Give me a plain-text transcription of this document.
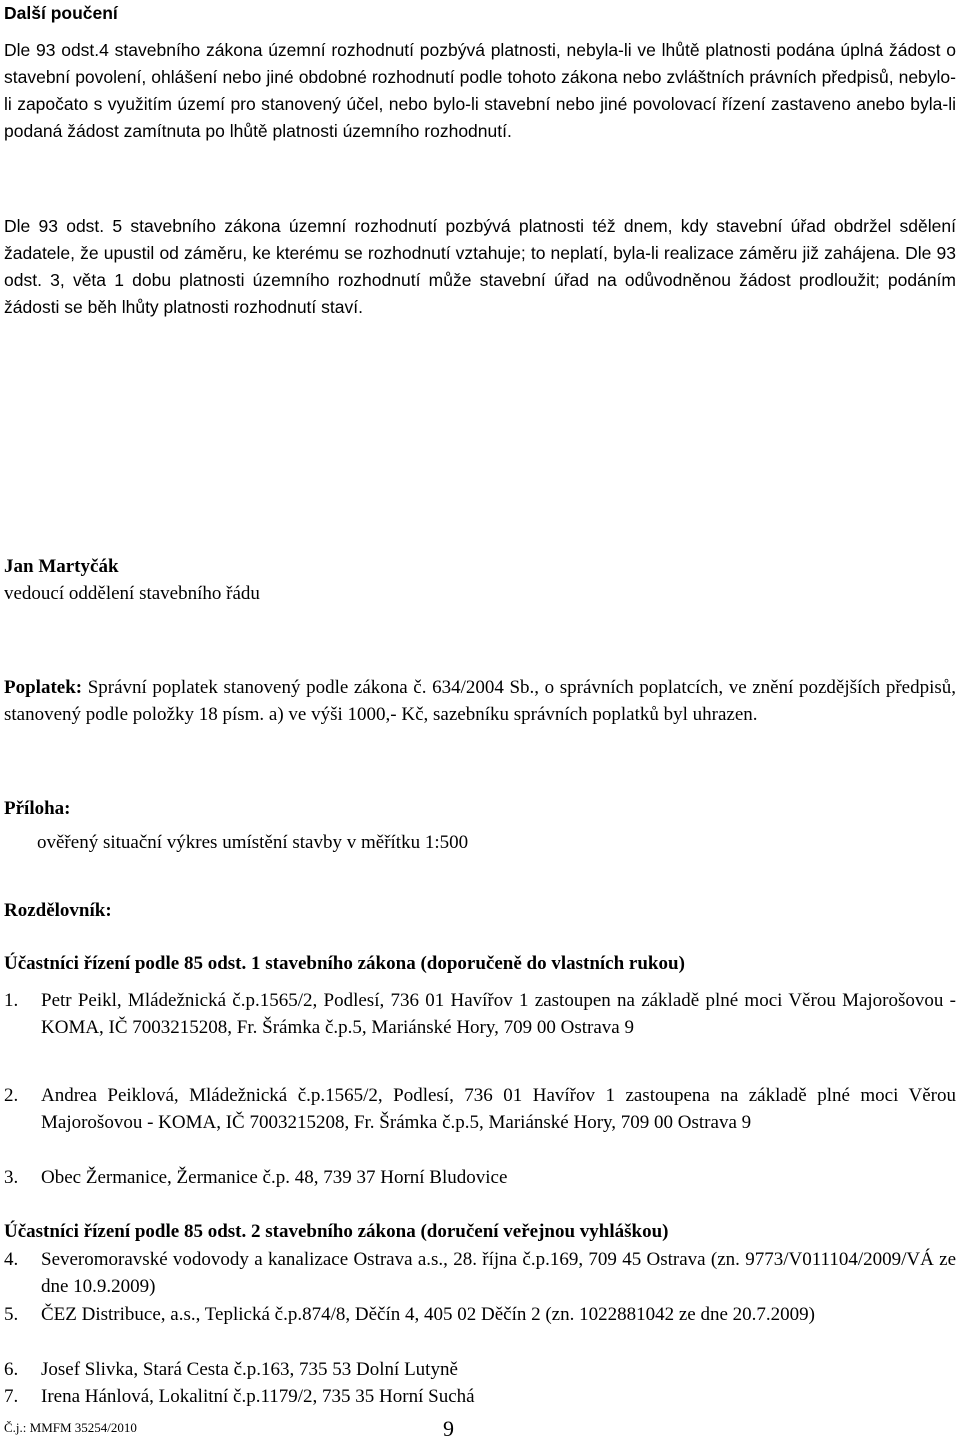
Další poučení
Dle 93 odst.4 stavebního zákona územní rozhodnutí pozbývá platnosti, nebyla-li ve lhůtě platnosti podána úplná žádost o stavební povolení, ohlášení nebo jiné obdobné rozhodnutí podle tohoto zákona nebo zvláštních právních předpisů, nebylo-li započato s využitím území pro stanovený účel, nebo bylo-li stavební nebo jiné povolovací řízení zastaveno anebo byla-li podaná žádost zamítnuta po lhůtě platnosti územního rozhodnutí.
Dle 93 odst. 5 stavebního zákona územní rozhodnutí pozbývá platnosti též dnem, kdy stavební úřad obdržel sdělení žadatele, že upustil od záměru, ke kterému se rozhodnutí vztahuje; to neplatí, byla-li realizace záměru již zahájena. Dle 93 odst. 3, věta 1 dobu platnosti územního rozhodnutí může stavební úřad na odůvodněnou žádost prodloužit; podáním žádosti se běh lhůty platnosti rozhodnutí staví.
Jan Martyčák
vedoucí oddělení stavebního řádu
Poplatek: Správní poplatek stanovený podle zákona č. 634/2004 Sb., o správních poplatcích, ve znění pozdějších předpisů, stanovený podle položky 18 písm. a) ve výši 1000,- Kč, sazebníku správních poplatků byl uhrazen.
Příloha:
ověřený situační výkres umístění stavby v měřítku 1:500
Rozdělovník:
Účastníci řízení podle 85 odst. 1 stavebního zákona (doporučeně do vlastních rukou)
1.	Petr Peikl, Mládežnická č.p.1565/2, Podlesí, 736 01 Havířov 1 zastoupen na základě plné moci Věrou Majorošovou - KOMA, IČ 7003215208, Fr. Šrámka č.p.5, Mariánské Hory, 709 00 Ostrava 9
2.	Andrea Peiklová, Mládežnická č.p.1565/2, Podlesí, 736 01 Havířov 1 zastoupena na základě plné moci Věrou Majorošovou - KOMA, IČ 7003215208, Fr. Šrámka č.p.5, Mariánské Hory, 709 00 Ostrava 9
3.	Obec Žermanice, Žermanice č.p. 48, 739 37 Horní Bludovice
Účastníci řízení podle 85 odst. 2 stavebního zákona (doručení veřejnou vyhláškou)
4.	Severomoravské vodovody a kanalizace Ostrava a.s., 28. října č.p.169, 709 45 Ostrava (zn. 9773/V011104/2009/VÁ ze dne 10.9.2009)
5.	ČEZ Distribuce, a.s., Teplická č.p.874/8, Děčín 4, 405 02 Děčín 2 (zn. 1022881042 ze dne 20.7.2009)
6.	Josef Slivka, Stará Cesta č.p.163, 735 53 Dolní Lutyně
7.	Irena Hánlová, Lokalitní č.p.1179/2, 735 35 Horní Suchá
Č.j.: MMFM 35254/2010	9
